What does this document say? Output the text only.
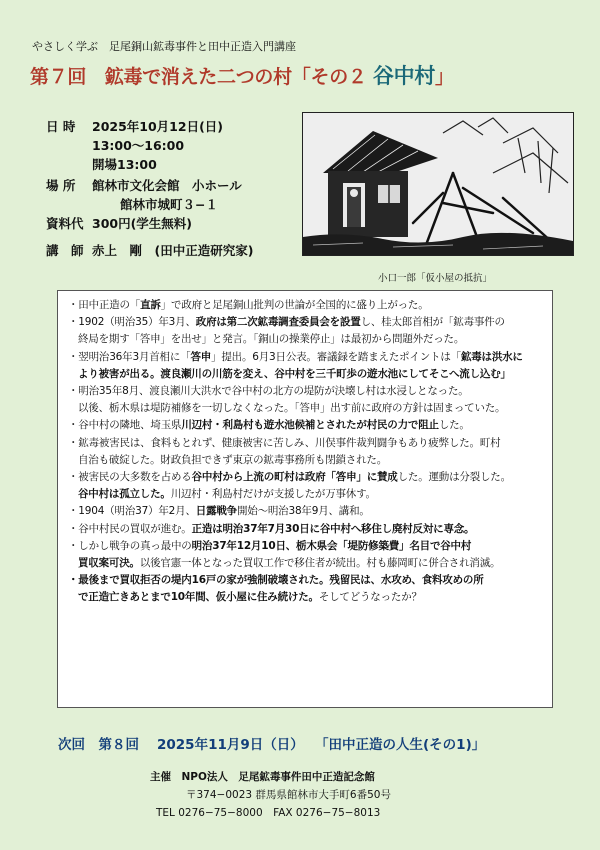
やさしく学ぶ　足尾銅山鉱毒事件と田中正造入門講座
第７回　鉱毒で消えた二つの村「その２ 谷中村」
日 時	2025年10月12日(日)
13:00〜16:00
開場13:00
場 所	館林市文化会館　小ホール
館林市城町３−１
資料代 300円(学生無料)
講　師 赤上　剛　(田中正造研究家)
小口一郎「仮小屋の抵抗」
・田中正造の「直訴」で政府と足尾銅山批判の世論が全国的に盛り上がった。
・1902（明治35）年3月、政府は第二次鉱毒調査委員会を設置し、桂太郎首相が「鉱毒事件の
終局を期す「答申」を出せ」と発言。「銅山の操業停止」は最初から問題外だった。
・翌明治36年3月首相に「答申」提出。6月3日公表。審議録を踏まえたポイントは「鉱毒は洪水に
より被害が出る。渡良瀬川の川筋を変え、谷中村を三千町歩の遊水池にしてそこへ流し込む」
・明治35年8月、渡良瀬川大洪水で谷中村の北方の堤防が決壊し村は水浸しとなった。
以後、栃木県は堤防補修を一切しなくなった。「答申」出す前に政府の方針は固まっていた。
・谷中村の隣地、埼玉県川辺村・利島村も遊水池候補とされたが村民の力で阻止した。
・鉱毒被害民は、食料もとれず、健康被害に苦しみ、川俣事件裁判闘争もあり疲弊した。町村
自治も破綻した。財政負担できず東京の鉱毒事務所も閉鎖された。
・被害民の大多数を占める谷中村から上流の町村は政府「答申」に賛成した。運動は分裂した。
谷中村は孤立した。川辺村・利島村だけが支援したが万事休す。
・1904（明治37）年2月、日露戦争開始〜明治38年9月、講和。
・谷中村民の買収が進む。正造は明治37年7月30日に谷中村へ移住し廃村反対に専念。
・しかし戦争の真っ最中の明治37年12月10日、栃木県会「堤防修築費」名目で谷中村
買収案可決。以後官憲一体となった買収工作で移住者が続出。村も藤岡町に併合され消滅。
・最後まで買収拒否の堤内16戸の家が強制破壊された。残留民は、水攻め、食料攻めの所
で正造亡きあとまで10年間、仮小屋に住み続けた。そしてどうなったか？
次回　第８回 2025年11月9日（日） 「田中正造の人生(その1)」
主催　NPO法人　足尾鉱毒事件田中正造記念館
〒374−0023 群馬県館林市大手町6番50号
TEL 0276−75−8000　FAX 0276−75−8013
